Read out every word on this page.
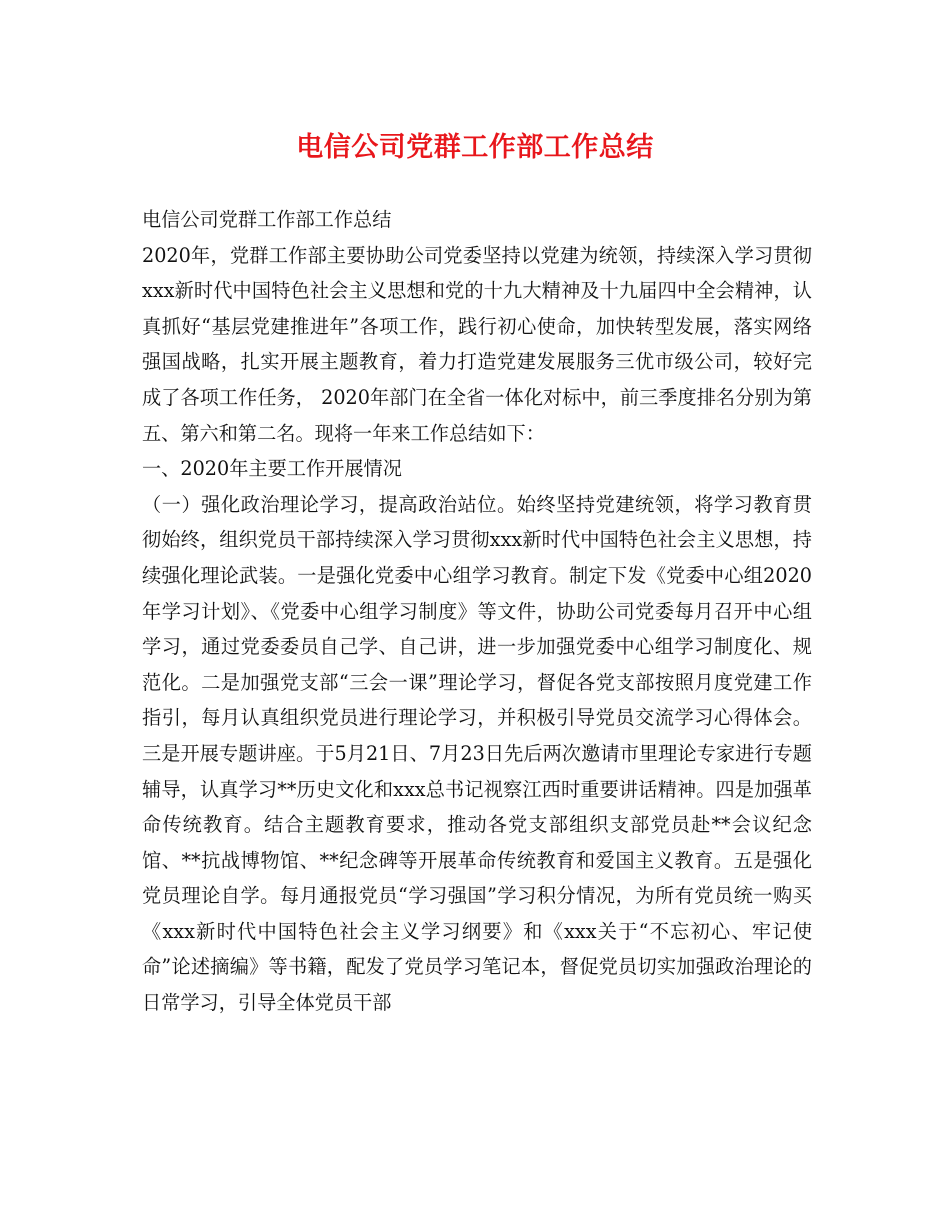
电信公司党群工作部工作总结

电信公司党群工作部工作总结

2020年，党群工作部主要协助公司党委坚持以党建为统领，持续深入学习贯彻xxx新时代中国特色社会主义思想和党的十九大精神及十九届四中全会精神，认真抓好“基层党建推进年”各项工作，践行初心使命，加快转型发展，落实网络强国战略，扎实开展主题教育，着力打造党建发展服务三优市级公司，较好完成了各项工作任务， 2020年部门在全省一体化对标中，前三季度排名分别为第五、第六和第二名。现将一年来工作总结如下：

一、2020年主要工作开展情况

（一）强化政治理论学习，提高政治站位。始终坚持党建统领，将学习教育贯彻始终，组织党员干部持续深入学习贯彻xxx新时代中国特色社会主义思想，持续强化理论武装。一是强化党委中心组学习教育。制定下发《党委中心组2020年学习计划》、《党委中心组学习制度》等文件，协助公司党委每月召开中心组学习，通过党委委员自己学、自己讲，进一步加强党委中心组学习制度化、规范化。二是加强党支部“三会一课”理论学习，督促各党支部按照月度党建工作指引，每月认真组织党员进行理论学习，并积极引导党员交流学习心得体会。三是开展专题讲座。于5月21日、7月23日先后两次邀请市里理论专家进行专题辅导，认真学习**历史文化和xxx总书记视察江西时重要讲话精神。四是加强革命传统教育。结合主题教育要求，推动各党支部组织支部党员赴**会议纪念馆、**抗战博物馆、**纪念碑等开展革命传统教育和爱国主义教育。五是强化党员理论自学。每月通报党员“学习强国”学习积分情况，为所有党员统一购买《xxx新时代中国特色社会主义学习纲要》和《xxx关于“不忘初心、牢记使命”论述摘编》等书籍，配发了党员学习笔记本，督促党员切实加强政治理论的日常学习，引导全体党员干部
